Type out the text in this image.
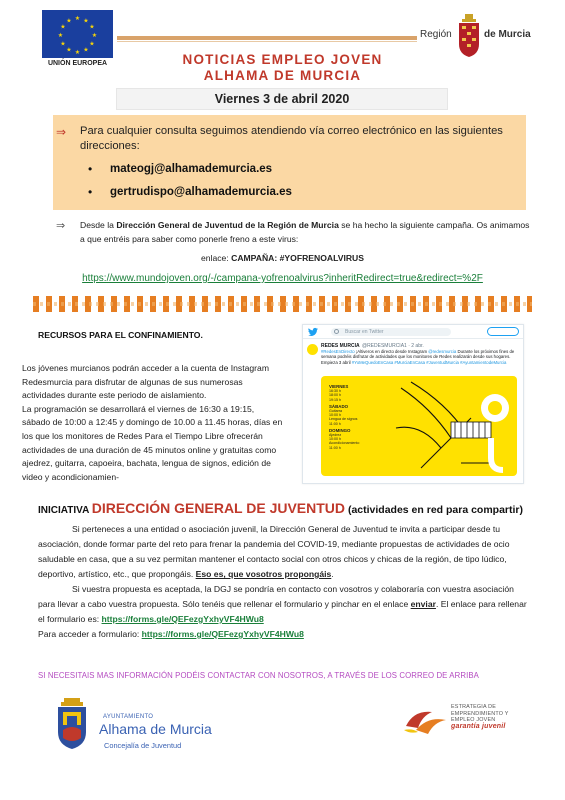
★ ★
★
★
★
★
★
★
★
★
★
★
UNIÓN EUROPEA
Región	de Murcia
NOTICIAS EMPLEO JOVEN
ALHAMA DE MURCIA
Viernes 3 de abril 2020
⇒ Para cualquier consulta seguimos atendiendo vía correo electrónico en las siguientes direcciones:
• mateogj@alhamademurcia.es
• gertrudispo@alhamademurcia.es
⇒ Desde la Dirección General de Juventud de la Región de Murcia se ha hecho la siguiente campaña. Os animamos a que entréis para saber como ponerle freno a este virus:
enlace: CAMPAÑA: #YOFRENOALVIRUS
https://www.mundojoven.org/-/campana-yofrenoalvirus?inheritRedirect=true&redirect=%2F
RECURSOS PARA EL CONFINAMIENTO.
Los jóvenes murcianos podrán acceder a la cuenta de Instagram Redesmurcia para disfrutar de algunas de sus numerosas actividades durante este periodo de aislamiento.
La programación se desarrollará el viernes de 16:30 a 19:15, sábado de 10:00 a 12:45 y domingo de 10.00 a 11.45 horas, días en los que los monitores de Redes Para el Tiempo Libre ofrecerán actividades de una duración de 45 minutos online y gratuitas como ajedrez, guitarra, capoeira, bachata, lengua de signos, edición de video y acondicionamien-
Buscar en Twitter
REDES MURCIA @REDESMURCIA1 · 2 abr.
#RedesEnDirecto ¡Altiveros en directo desde Instagram @redesmurcia Durante los próximos fines de semana podréis disfrutar de actividades que los monitores de Redes realizarán desde sus hogares. Empieza 3 abril #YoMeQuedoEnCasa #MurciaEnCasa #JuventudMurcia #AyuntamientodeMurcia
VIERNES
16:30 h
18:00 h
19:15 h
SÁBADO
Guitarra
10:00 h
Lengua de signos
11:00 h
DOMINGO
Ajedrez
10:00 h
Acondicionamiento
11:00 h
INICIATIVA DIRECCIÓN GENERAL DE JUVENTUD (actividades en red para compartir)
Si perteneces a una entidad o asociación juvenil, la Dirección General de Juventud te invita a participar desde tu asociación, donde formar parte del reto para frenar la pandemia del COVID-19, mediante propuestas de actividades de ocio saludable en casa, que a su vez permitan mantener el contacto social con otros chicos y chicas de la región, de tipo lúdico, deportivo, artístico, etc., que propongáis. Eso es, que vosotros propongáis.
Si vuestra propuesta es aceptada, la DGJ se pondría en contacto con vosotros y colaboraría con vuestra asociación para llevar a cabo vuestra propuesta. Sólo tenéis que rellenar el formulario y pinchar en el enlace enviar. El enlace para rellenar el formulario es: https://forms.gle/QEFezgYxhyVF4HWu8
Para acceder a formulario: https://forms.gle/QEFezgYxhyVF4HWu8
SI NECESITAIS MAS INFORMACIÓN PODÉIS CONTACTAR CON NOSOTROS, A TRAVÉS DE LOS CORREO DE ARRIBA
AYUNTAMIENTO
Alhama de Murcia
Concejalía de Juventud
ESTRATEGIA DE
EMPRENDIMIENTO Y
EMPLEO JOVEN
garantía juvenil
